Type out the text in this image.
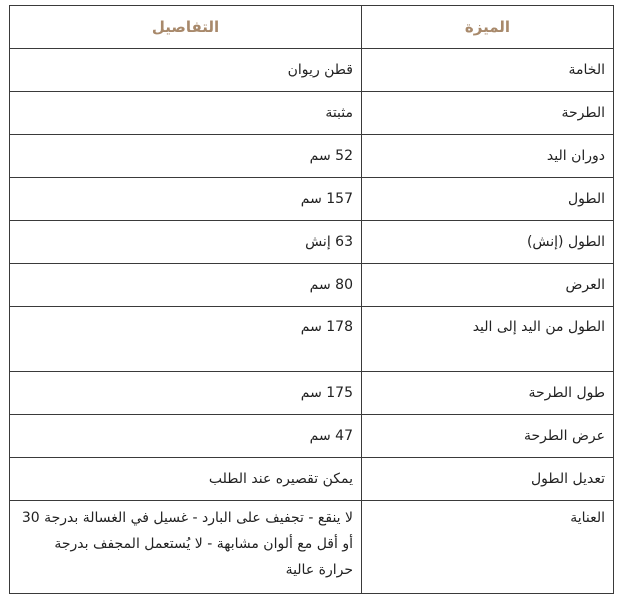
الميزة	التفاصيل
الخامة	قطن ريوان
الطرحة	مثبتة
دوران اليد	52 سم
الطول	157 سم
الطول (إنش)	63 إنش
العرض	80 سم
الطول من اليد إلى اليد	178 سم
طول الطرحة	175 سم
عرض الطرحة	47 سم
تعديل الطول	يمكن تقصيره عند الطلب
العناية	لا ينقع - تجفيف على البارد - غسيل في الغسالة بدرجة 30 أو أقل مع ألوان مشابهة - لا يُستعمل المجفف بدرجة حرارة عالية
